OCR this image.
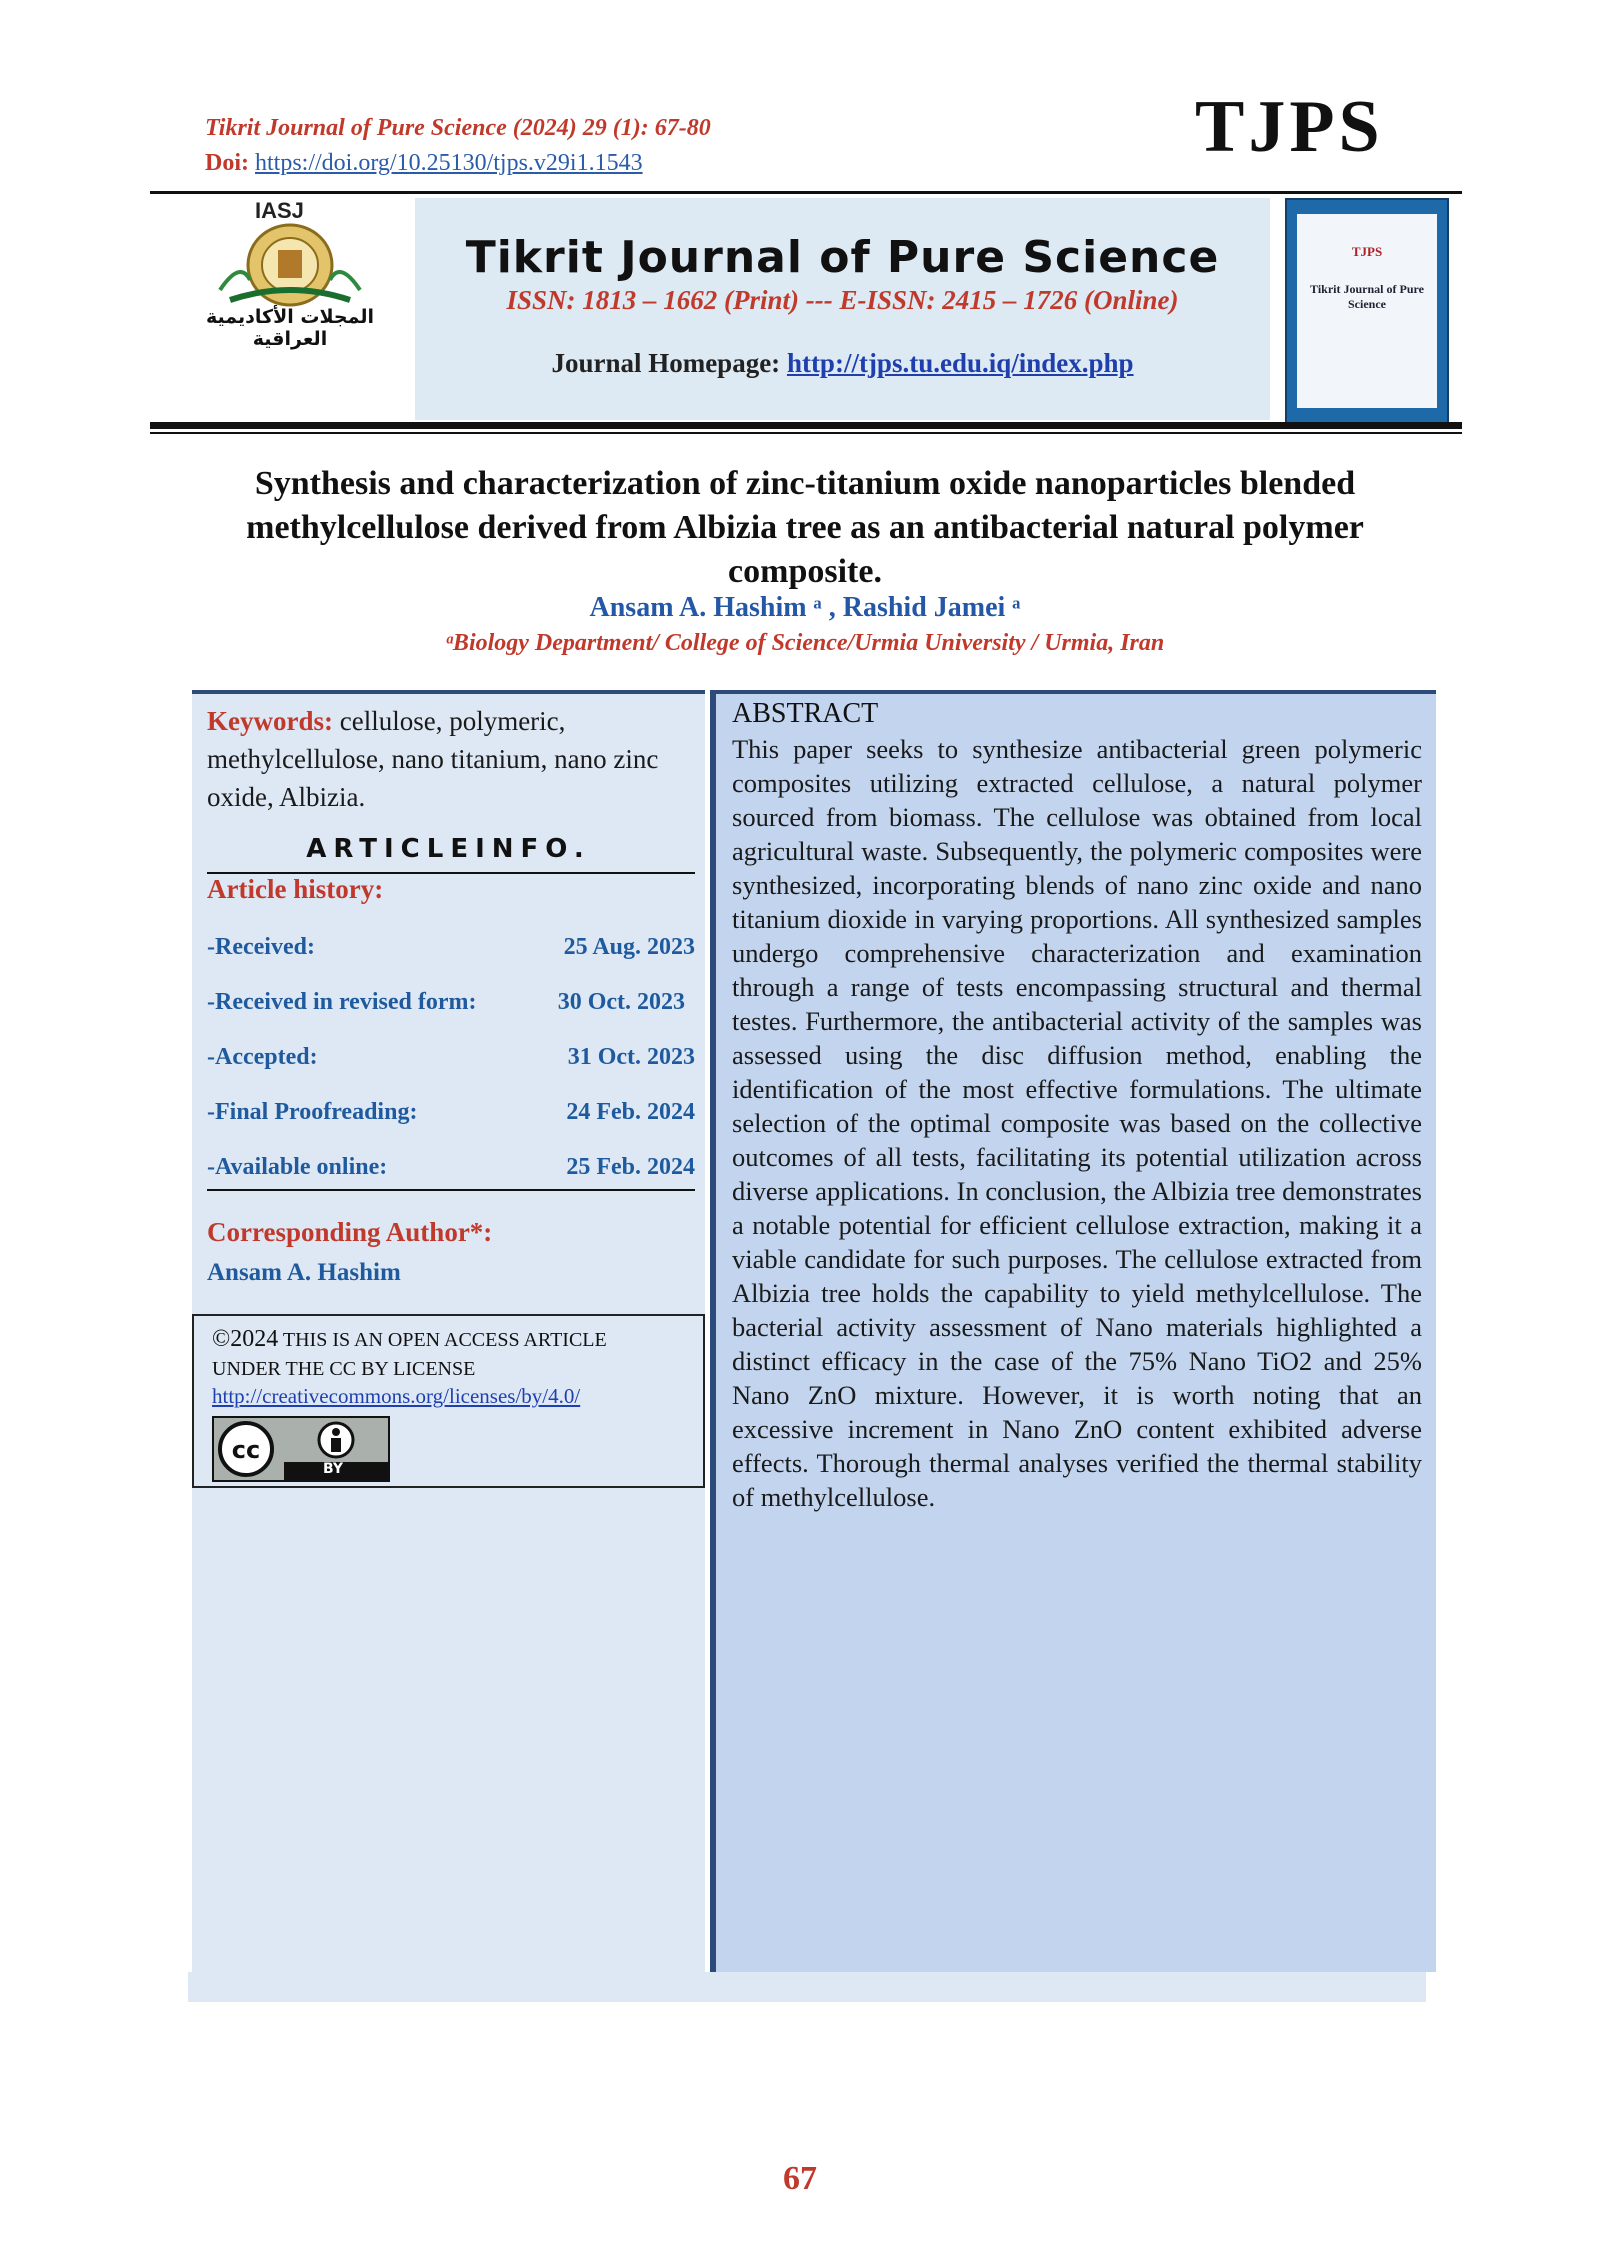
Tikrit Journal of Pure Science (2024) 29 (1): 67-80
Doi: https://doi.org/10.25130/tjps.v29i1.1543	TJPS
IASJ
المجلات الأكاديمية العراقية
Tikrit Journal of Pure Science
ISSN: 1813 – 1662 (Print) --- E-ISSN: 2415 – 1726 (Online)
Journal Homepage: http://tjps.tu.edu.iq/index.php
TJPS
Tikrit Journal of Pure Science
Synthesis and characterization of zinc-titanium oxide nanoparticles blended methylcellulose derived from Albizia tree as an antibacterial natural polymer composite.
Ansam A. Hashim ᵃ , Rashid Jamei ᵃ
ᵃBiology Department/ College of Science/Urmia University / Urmia, Iran
Keywords: cellulose, polymeric, methylcellulose, nano titanium, nano zinc oxide, Albizia.
ARTICLEINFO.
Article history:
-Received:	25 Aug. 2023
-Received in revised form:	30 Oct. 2023
-Accepted:	31 Oct. 2023
-Final Proofreading:	24 Feb. 2024
-Available online:	25 Feb. 2024
Corresponding Author*:
Ansam A. Hashim
©2024 THIS IS AN OPEN ACCESS ARTICLE
UNDER THE CC BY LICENSE
http://creativecommons.org/licenses/by/4.0/
cc
BY
ABSTRACT
This paper seeks to synthesize antibacterial green polymeric composites utilizing extracted cellulose, a natural polymer sourced from biomass. The cellulose was obtained from local agricultural waste. Subsequently, the polymeric composites were synthesized, incorporating blends of nano zinc oxide and nano titanium dioxide in varying proportions. All synthesized samples undergo comprehensive characterization and examination through a range of tests encompassing structural and thermal testes. Furthermore, the antibacterial activity of the samples was assessed using the disc diffusion method, enabling the identification of the most effective formulations. The ultimate selection of the optimal composite was based on the collective outcomes of all tests, facilitating its potential utilization across diverse applications. In conclusion, the Albizia tree demonstrates a notable potential for efficient cellulose extraction, making it a viable candidate for such purposes. The cellulose extracted from Albizia tree holds the capability to yield methylcellulose. The bacterial activity assessment of Nano materials highlighted a distinct efficacy in the case of the 75% Nano TiO2 and 25% Nano ZnO mixture. However, it is worth noting that an excessive increment in Nano ZnO content exhibited adverse effects. Thorough thermal analyses verified the thermal stability of methylcellulose.
67
